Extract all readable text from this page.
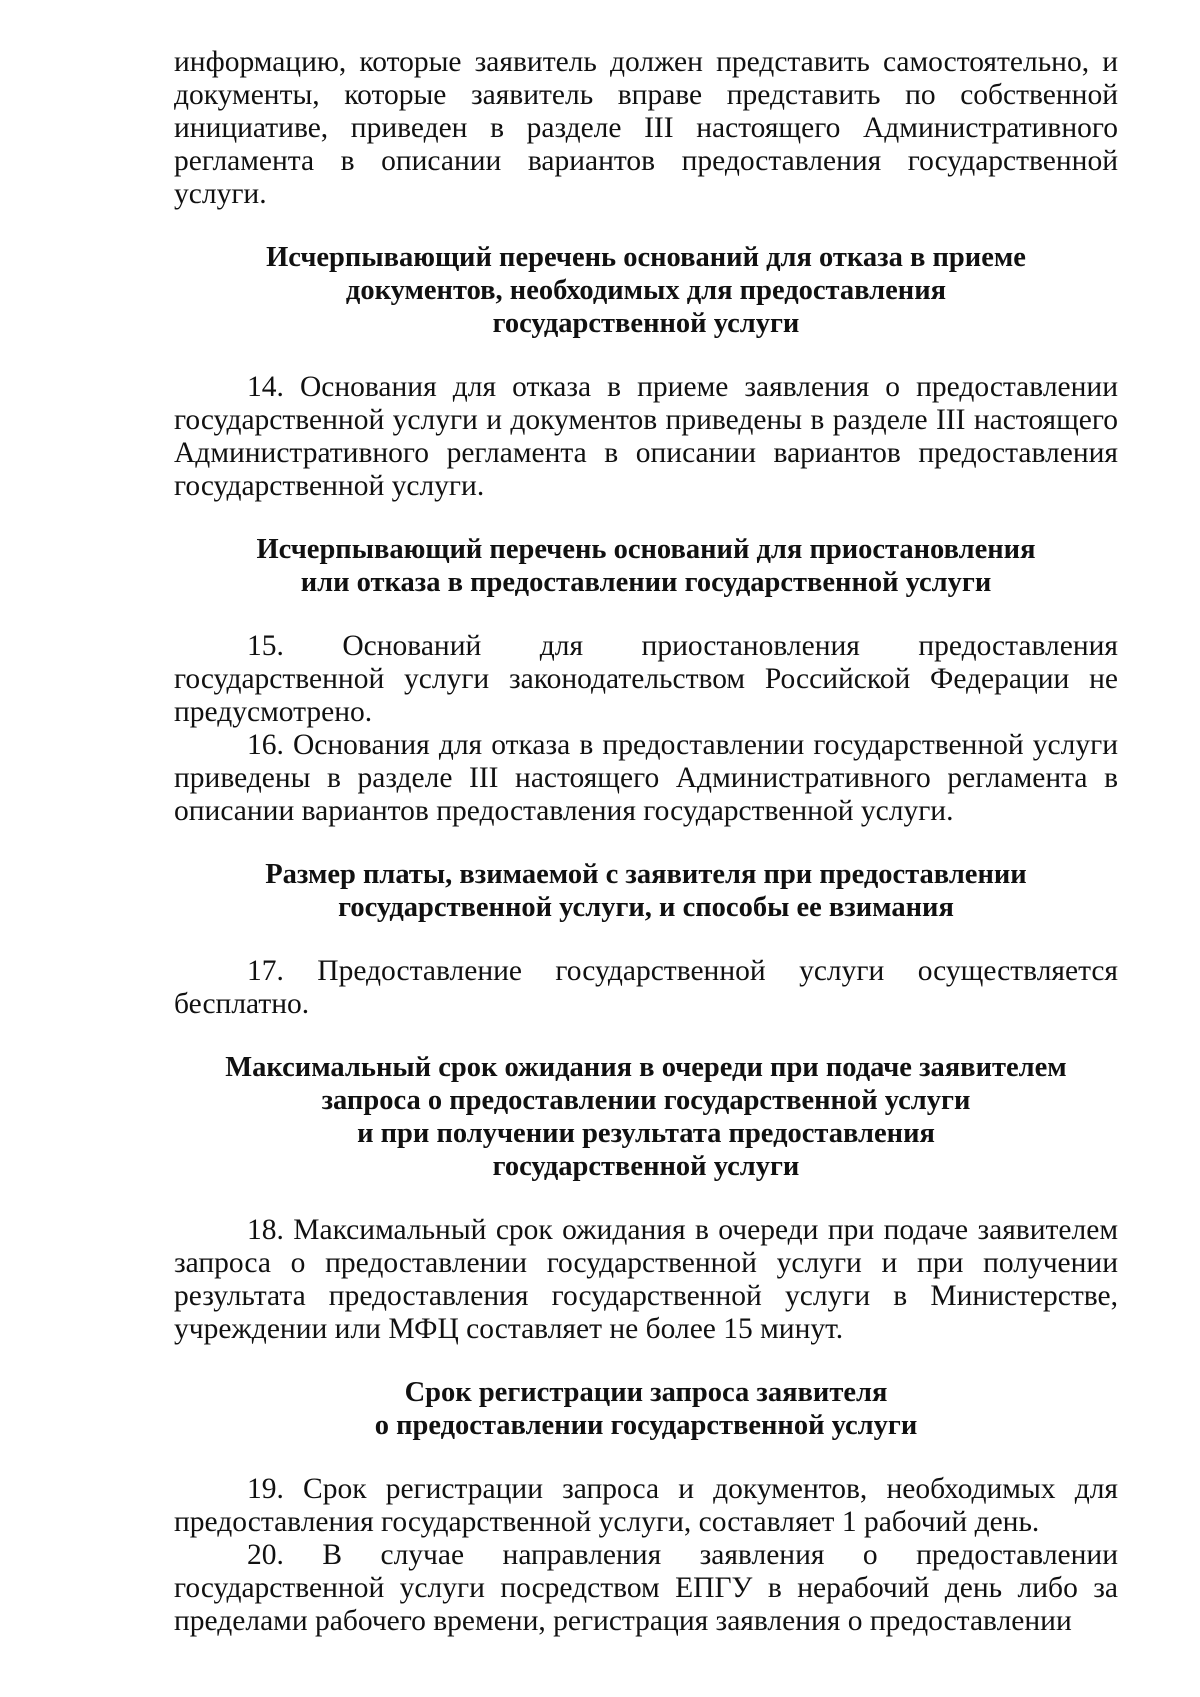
информацию, которые заявитель должен представить самостоятельно, и документы, которые заявитель вправе представить по собственной инициативе, приведен в разделе III настоящего Административного регламента в описании вариантов предоставления государственной услуги.

Исчерпывающий перечень оснований для отказа в приеме
документов, необходимых для предоставления
государственной услуги

14. Основания для отказа в приеме заявления о предоставлении государственной услуги и документов приведены в разделе III настоящего Административного регламента в описании вариантов предоставления государственной услуги.

Исчерпывающий перечень оснований для приостановления
или отказа в предоставлении государственной услуги

15. Оснований для приостановления предоставления государственной услуги законодательством Российской Федерации не предусмотрено.

16. Основания для отказа в предоставлении государственной услуги приведены в разделе III настоящего Административного регламента в описании вариантов предоставления государственной услуги.

Размер платы, взимаемой с заявителя при предоставлении
государственной услуги, и способы ее взимания

17. Предоставление государственной услуги осуществляется бесплатно.

Максимальный срок ожидания в очереди при подаче заявителем
запроса о предоставлении государственной услуги
и при получении результата предоставления
государственной услуги

18. Максимальный срок ожидания в очереди при подаче заявителем запроса о предоставлении государственной услуги и при получении результата предоставления государственной услуги в Министерстве, учреждении или МФЦ составляет не более 15 минут.

Срок регистрации запроса заявителя
о предоставлении государственной услуги

19. Срок регистрации запроса и документов, необходимых для предоставления государственной услуги, составляет 1 рабочий день.

20. В случае направления заявления о предоставлении государственной услуги посредством ЕПГУ в нерабочий день либо за пределами рабочего времени, регистрация заявления о предоставлении
